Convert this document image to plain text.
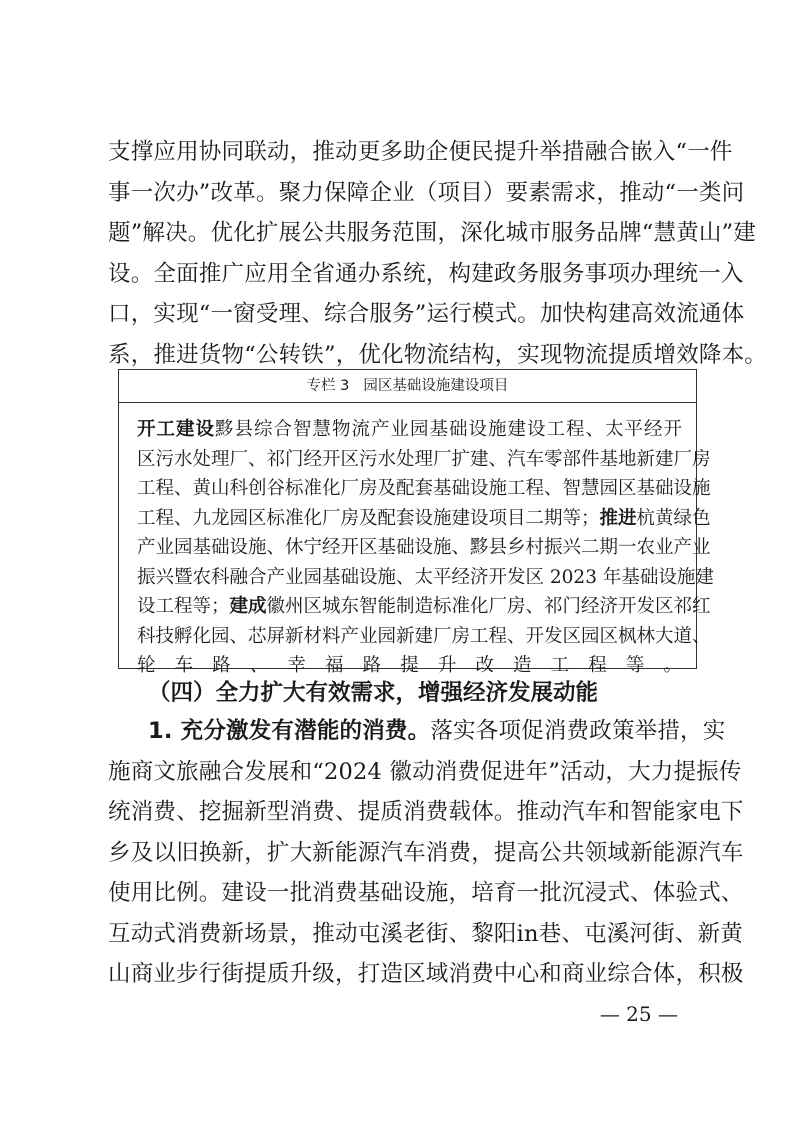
支撑应用协同联动，推动更多助企便民提升举措融合嵌入“一件
事一次办”改革。聚力保障企业（项目）要素需求，推动“一类问
题”解决。优化扩展公共服务范围，深化城市服务品牌“慧黄山”建
设。全面推广应用全省通办系统，构建政务服务事项办理统一入
口，实现“一窗受理、综合服务”运行模式。加快构建高效流通体
系，推进货物“公转铁”，优化物流结构，实现物流提质增效降本。
专栏 3 园区基础设施建设项目
开工建设黟县综合智慧物流产业园基础设施建设工程、太平经开
区污水处理厂、祁门经开区污水处理厂扩建、汽车零部件基地新建厂房
工程、黄山科创谷标准化厂房及配套基础设施工程、智慧园区基础设施
工程、九龙园区标准化厂房及配套设施建设项目二期等；推进杭黄绿色
产业园基础设施、休宁经开区基础设施、黟县乡村振兴二期一农业产业
振兴暨农科融合产业园基础设施、太平经济开发区 2023 年基础设施建
设工程等；建成徽州区城东智能制造标准化厂房、祁门经济开发区祁红
科技孵化园、芯屏新材料产业园新建厂房工程、开发区园区枫林大道、
轮车路、幸福路提升改造工程等。
（四）全力扩大有效需求，增强经济发展动能
1. 充分激发有潜能的消费。落实各项促消费政策举措，实
施商文旅融合发展和“2024 徽动消费促进年”活动，大力提振传
统消费、挖掘新型消费、提质消费载体。推动汽车和智能家电下
乡及以旧换新，扩大新能源汽车消费，提高公共领域新能源汽车
使用比例。建设一批消费基础设施，培育一批沉浸式、体验式、
互动式消费新场景，推动屯溪老街、黎阳in巷、屯溪河街、新黄
山商业步行街提质升级，打造区域消费中心和商业综合体，积极
— 25 —
